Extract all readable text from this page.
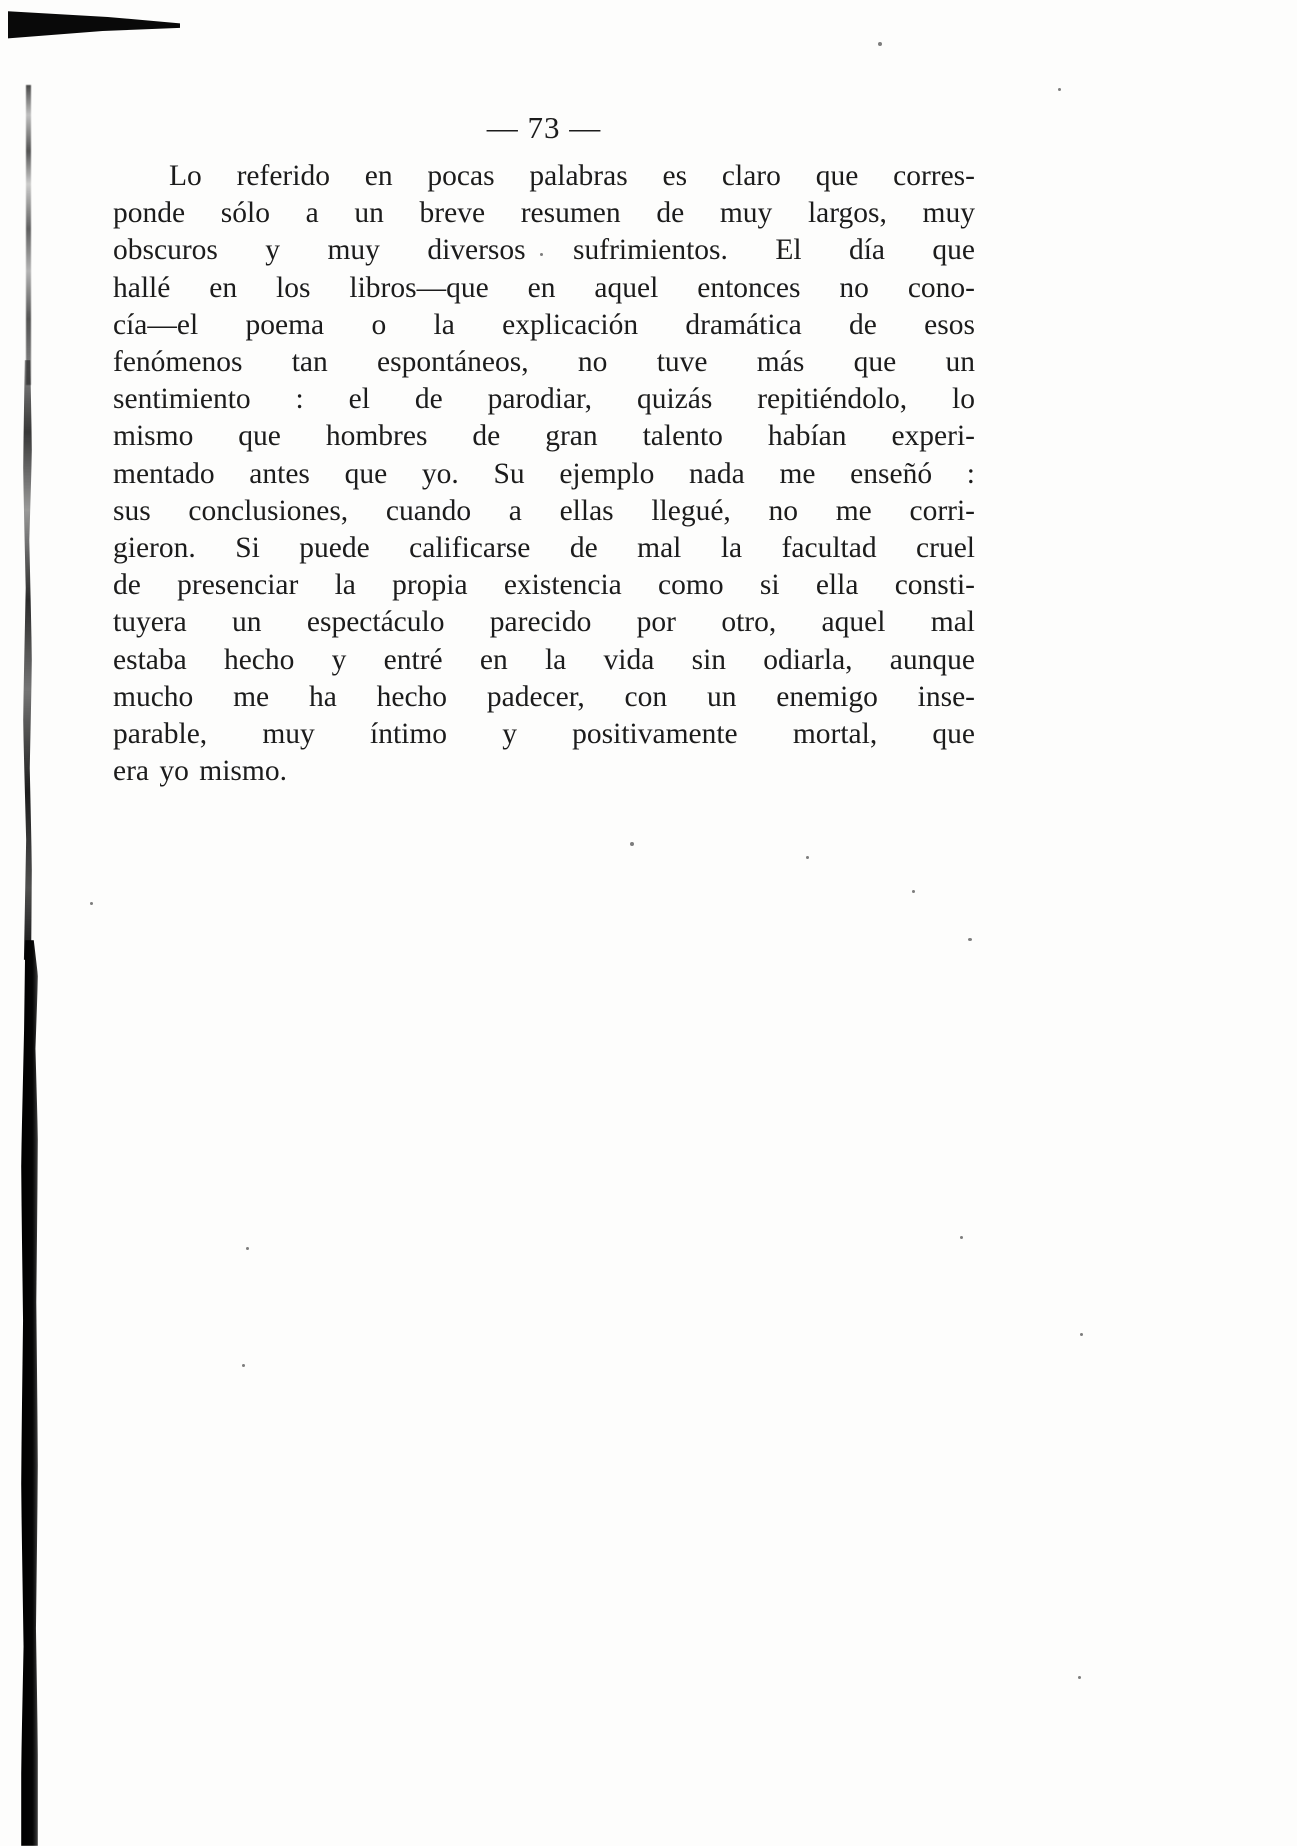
— 73 —
Lo referido en pocas palabras es claro que corres-
ponde sólo a un breve resumen de muy largos, muy
obscuros y muy diversos sufrimientos. El día que
hallé en los libros—que en aquel entonces no cono-
cía—el poema o la explicación dramática de esos
fenómenos tan espontáneos, no tuve más que un
sentimiento : el de parodiar, quizás repitiéndolo, lo
mismo que hombres de gran talento habían experi-
mentado antes que yo. Su ejemplo nada me enseñó :
sus conclusiones, cuando a ellas llegué, no me corri-
gieron. Si puede calificarse de mal la facultad cruel
de presenciar la propia existencia como si ella consti-
tuyera un espectáculo parecido por otro, aquel mal
estaba hecho y entré en la vida sin odiarla, aunque
mucho me ha hecho padecer, con un enemigo inse-
parable, muy íntimo y positivamente mortal, que
era yo mismo.
